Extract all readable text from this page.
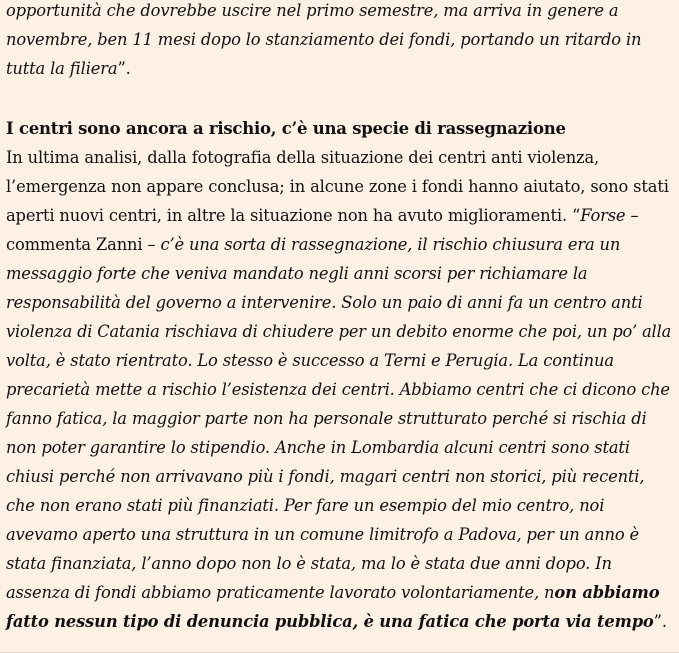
opportunità che dovrebbe uscire nel primo semestre, ma arriva in genere a
novembre, ben 11 mesi dopo lo stanziamento dei fondi, portando un ritardo in
tutta la filiera”.
I centri sono ancora a rischio, c’è una specie di rassegnazione
In ultima analisi, dalla fotografia della situazione dei centri anti violenza,
l’emergenza non appare conclusa; in alcune zone i fondi hanno aiutato, sono stati
aperti nuovi centri, in altre la situazione non ha avuto miglioramenti. “Forse –
commenta Zanni – c’è una sorta di rassegnazione, il rischio chiusura era un
messaggio forte che veniva mandato negli anni scorsi per richiamare la
responsabilità del governo a intervenire. Solo un paio di anni fa un centro anti
violenza di Catania rischiava di chiudere per un debito enorme che poi, un po’ alla
volta, è stato rientrato. Lo stesso è successo a Terni e Perugia. La continua
precarietà mette a rischio l’esistenza dei centri. Abbiamo centri che ci dicono che
fanno fatica, la maggior parte non ha personale strutturato perché si rischia di
non poter garantire lo stipendio. Anche in Lombardia alcuni centri sono stati
chiusi perché non arrivavano più i fondi, magari centri non storici, più recenti,
che non erano stati più finanziati. Per fare un esempio del mio centro, noi
avevamo aperto una struttura in un comune limitrofo a Padova, per un anno è
stata finanziata, l’anno dopo non lo è stata, ma lo è stata due anni dopo. In
assenza di fondi abbiamo praticamente lavorato volontariamente, non abbiamo
fatto nessun tipo di denuncia pubblica, è una fatica che porta via tempo”.
